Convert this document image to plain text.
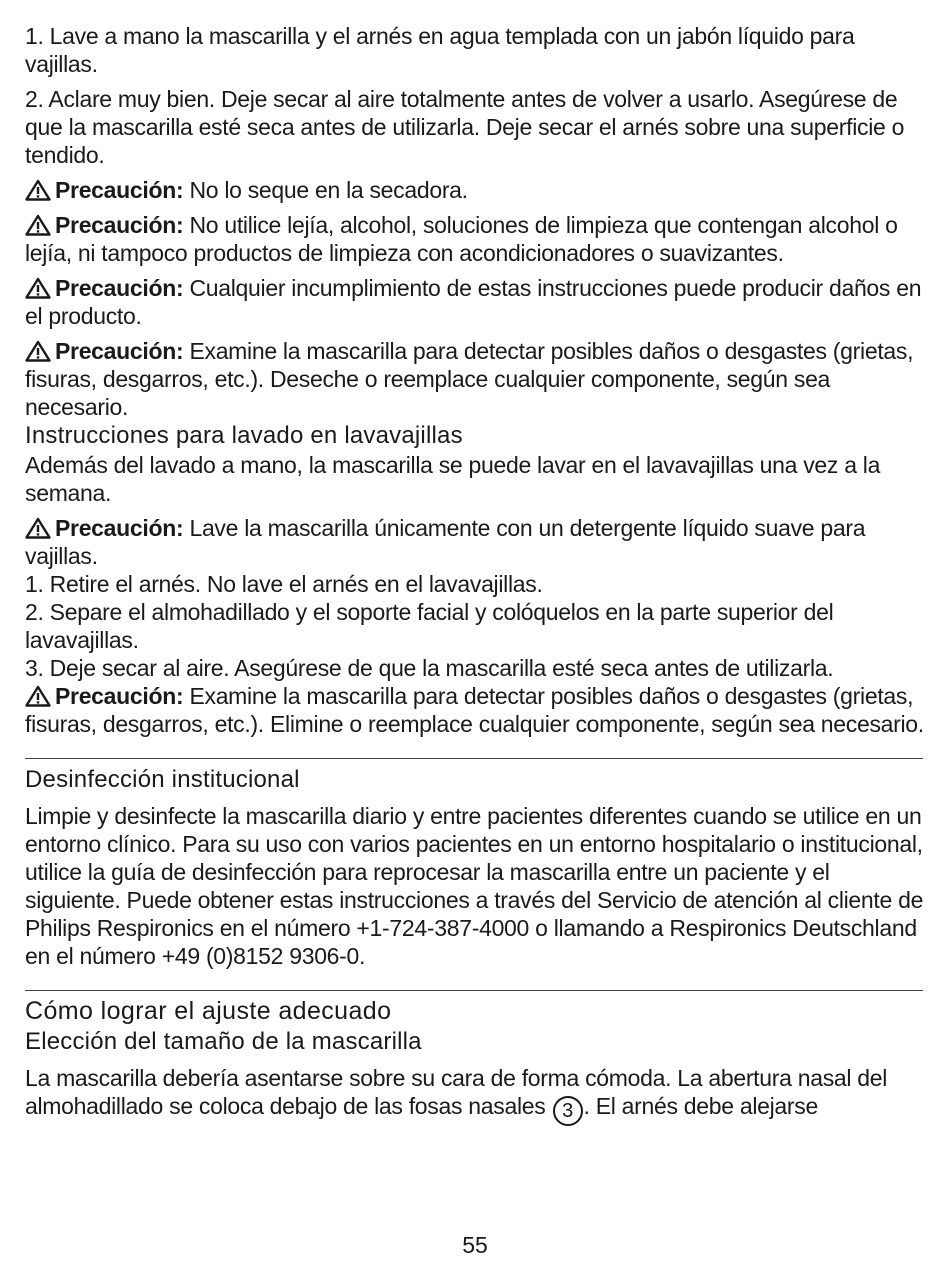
1. Lave a mano la mascarilla y el arnés en agua templada con un jabón líquido para vajillas.

2. Aclare muy bien. Deje secar al aire totalmente antes de volver a usarlo. Asegúrese de que la mascarilla esté seca antes de utilizarla. Deje secar el arnés sobre una superficie o tendido.

Precaución: No lo seque en la secadora.

Precaución: No utilice lejía, alcohol, soluciones de limpieza que contengan alcohol o lejía, ni tampoco productos de limpieza con acondicionadores o suavizantes.

Precaución: Cualquier incumplimiento de estas instrucciones puede producir daños en el producto.

Precaución: Examine la mascarilla para detectar posibles daños o desgastes (grietas, fisuras, desgarros, etc.). Deseche o reemplace cualquier componente, según sea necesario.

Instrucciones para lavado en lavavajillas

Además del lavado a mano, la mascarilla se puede lavar en el lavavajillas una vez a la semana.

Precaución: Lave la mascarilla únicamente con un detergente líquido suave para vajillas.

1. Retire el arnés. No lave el arnés en el lavavajillas.

2. Separe el almohadillado y el soporte facial y colóquelos en la parte superior del lavavajillas.

3. Deje secar al aire. Asegúrese de que la mascarilla esté seca antes de utilizarla.

Precaución: Examine la mascarilla para detectar posibles daños o desgastes (grietas, fisuras, desgarros, etc.). Elimine o reemplace cualquier componente, según sea necesario.

Desinfección institucional

Limpie y desinfecte la mascarilla diario y entre pacientes diferentes cuando se utilice en un entorno clínico. Para su uso con varios pacientes en un entorno hospitalario o institucional, utilice la guía de desinfección para reprocesar la mascarilla entre un paciente y el siguiente. Puede obtener estas instrucciones a través del Servicio de atención al cliente de Philips Respironics en el número +1-724-387-4000 o llamando a Respironics Deutschland en el número +49 (0)8152 9306-0.

Cómo lograr el ajuste adecuado
Elección del tamaño de la mascarilla

La mascarilla debería asentarse sobre su cara de forma cómoda. La abertura nasal del almohadillado se coloca debajo de las fosas nasales 3 . El arnés debe alejarse

55
